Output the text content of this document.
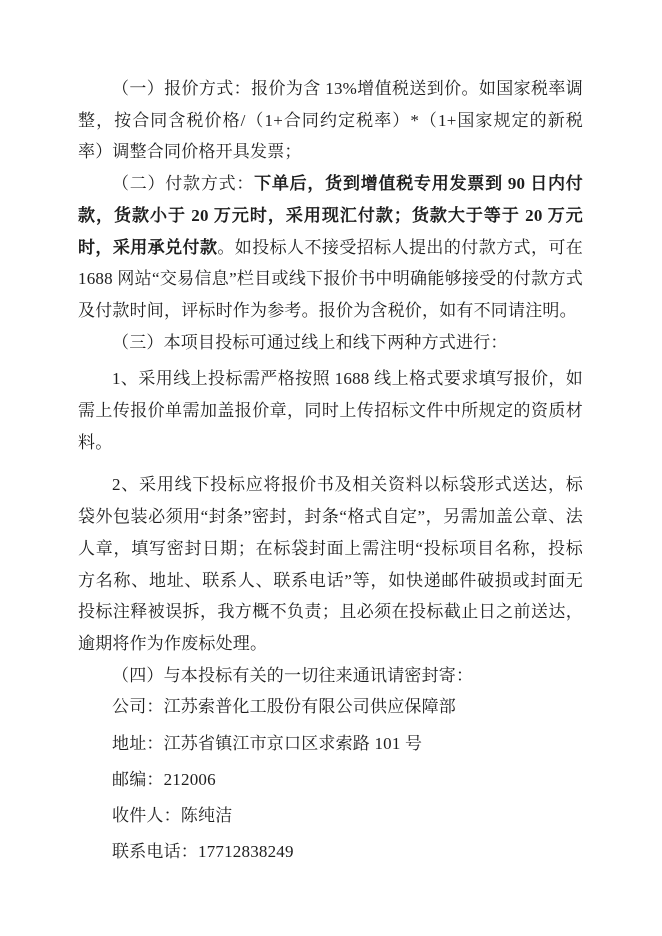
（一）报价方式：报价为含 13%增值税送到价。如国家税率调整，按合同含税价格/（1+合同约定税率）*（1+国家规定的新税率）调整合同价格开具发票；

（二）付款方式：下单后，货到增值税专用发票到 90 日内付款，货款小于 20 万元时，采用现汇付款；货款大于等于 20 万元时，采用承兑付款。如投标人不接受招标人提出的付款方式，可在 1688 网站“交易信息”栏目或线下报价书中明确能够接受的付款方式及付款时间，评标时作为参考。报价为含税价，如有不同请注明。

（三）本项目投标可通过线上和线下两种方式进行：

1、采用线上投标需严格按照 1688 线上格式要求填写报价，如需上传报价单需加盖报价章，同时上传招标文件中所规定的资质材料。

2、采用线下投标应将报价书及相关资料以标袋形式送达，标袋外包装必须用“封条”密封，封条“格式自定”，另需加盖公章、法人章，填写密封日期；在标袋封面上需注明“投标项目名称，投标方名称、地址、联系人、联系电话”等，如快递邮件破损或封面无投标注释被误拆，我方概不负责；且必须在投标截止日之前送达，逾期将作为作废标处理。

（四）与本投标有关的一切往来通讯请密封寄：

公司：江苏索普化工股份有限公司供应保障部

地址：江苏省镇江市京口区求索路 101 号

邮编：212006

收件人：陈纯洁

联系电话：17712838249
